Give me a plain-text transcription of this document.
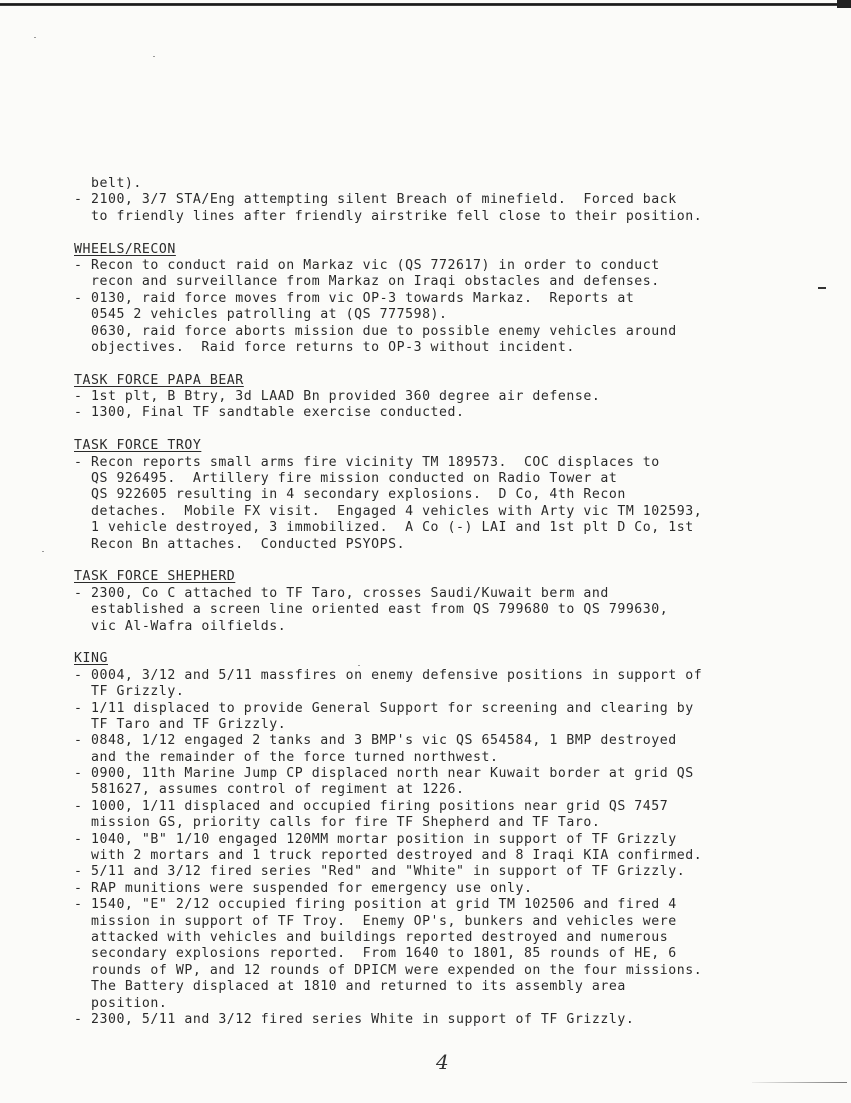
belt).
- 2100, 3/7 STA/Eng attempting silent Breach of minefield.  Forced back
to friendly lines after friendly airstrike fell close to their position.
WHEELS/RECON
- Recon to conduct raid on Markaz vic (QS 772617) in order to conduct
recon and surveillance from Markaz on Iraqi obstacles and defenses.
- 0130, raid force moves from vic OP-3 towards Markaz.  Reports at
0545 2 vehicles patrolling at (QS 777598).
0630, raid force aborts mission due to possible enemy vehicles around
objectives.  Raid force returns to OP-3 without incident.
TASK FORCE PAPA BEAR
- 1st plt, B Btry, 3d LAAD Bn provided 360 degree air defense.
- 1300, Final TF sandtable exercise conducted.
TASK FORCE TROY
- Recon reports small arms fire vicinity TM 189573.  COC displaces to
QS 926495.  Artillery fire mission conducted on Radio Tower at
QS 922605 resulting in 4 secondary explosions.  D Co, 4th Recon
detaches.  Mobile FX visit.  Engaged 4 vehicles with Arty vic TM 102593,
1 vehicle destroyed, 3 immobilized.  A Co (-) LAI and 1st plt D Co, 1st
Recon Bn attaches.  Conducted PSYOPS.
TASK FORCE SHEPHERD
- 2300, Co C attached to TF Taro, crosses Saudi/Kuwait berm and
established a screen line oriented east from QS 799680 to QS 799630,
vic Al-Wafra oilfields.
KING
- 0004, 3/12 and 5/11 massfires on enemy defensive positions in support of
TF Grizzly.
- 1/11 displaced to provide General Support for screening and clearing by
TF Taro and TF Grizzly.
- 0848, 1/12 engaged 2 tanks and 3 BMP's vic QS 654584, 1 BMP destroyed
and the remainder of the force turned northwest.
- 0900, 11th Marine Jump CP displaced north near Kuwait border at grid QS
581627, assumes control of regiment at 1226.
- 1000, 1/11 displaced and occupied firing positions near grid QS 7457
mission GS, priority calls for fire TF Shepherd and TF Taro.
- 1040, "B" 1/10 engaged 120MM mortar position in support of TF Grizzly
with 2 mortars and 1 truck reported destroyed and 8 Iraqi KIA confirmed.
- 5/11 and 3/12 fired series "Red" and "White" in support of TF Grizzly.
- RAP munitions were suspended for emergency use only.
- 1540, "E" 2/12 occupied firing position at grid TM 102506 and fired 4
mission in support of TF Troy.  Enemy OP's, bunkers and vehicles were
attacked with vehicles and buildings reported destroyed and numerous
secondary explosions reported.  From 1640 to 1801, 85 rounds of HE, 6
rounds of WP, and 12 rounds of DPICM were expended on the four missions.
The Battery displaced at 1810 and returned to its assembly area
position.
- 2300, 5/11 and 3/12 fired series White in support of TF Grizzly.
4
